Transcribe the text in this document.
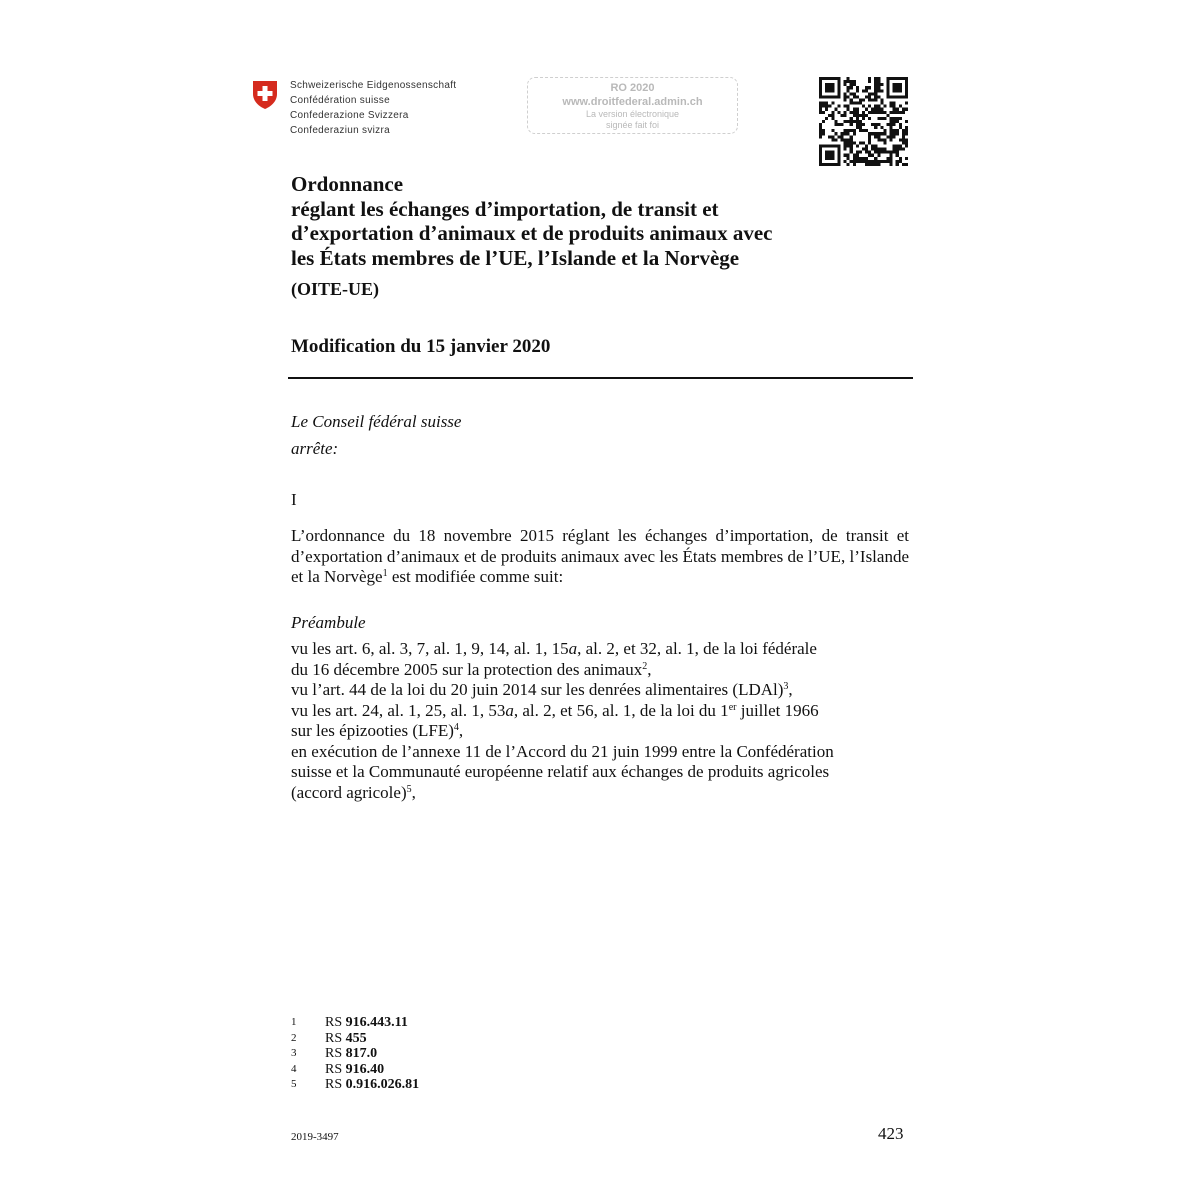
Schweizerische Eidgenossenschaft
Confédération suisse
Confederazione Svizzera
Confederaziun svizra
RO 2020
www.droitfederal.admin.ch
La version électronique
signée fait foi
Ordonnance
réglant les échanges d’importation, de transit et
d’exportation d’animaux et de produits animaux avec
les États membres de l’UE, l’Islande et la Norvège
(OITE-UE)
Modification du 15 janvier 2020
Le Conseil fédéral suisse
arrête:
I
L’ordonnance du 18 novembre 2015 réglant les échanges d’importation, de transit et d’exportation d’animaux et de produits animaux avec les États membres de l’UE, l’Islande et la Norvège$^1$ est modifiée comme suit:
Préambule
vu les art. 6, al. 3, 7, al. 1, 9, 14, al. 1, 15a, al. 2, et 32, al. 1, de la loi fédérale
du 16 décembre 2005 sur la protection des animaux$^2$,
vu l’art. 44 de la loi du 20 juin 2014 sur les denrées alimentaires (LDAl)$^3$,
vu les art. 24, al. 1, 25, al. 1, 53a, al. 2, et 56, al. 1, de la loi du 1er juillet 1966
sur les épizooties (LFE)$^4$,
en exécution de l’annexe 11 de l’Accord du 21 juin 1999 entre la Confédération
suisse et la Communauté européenne relatif aux échanges de produits agricoles
(accord agricole)$^5$,
1	RS 916.443.11
2	RS 455
3	RS 817.0
4	RS 916.40
5	RS 0.916.026.81
2019-3497	423
